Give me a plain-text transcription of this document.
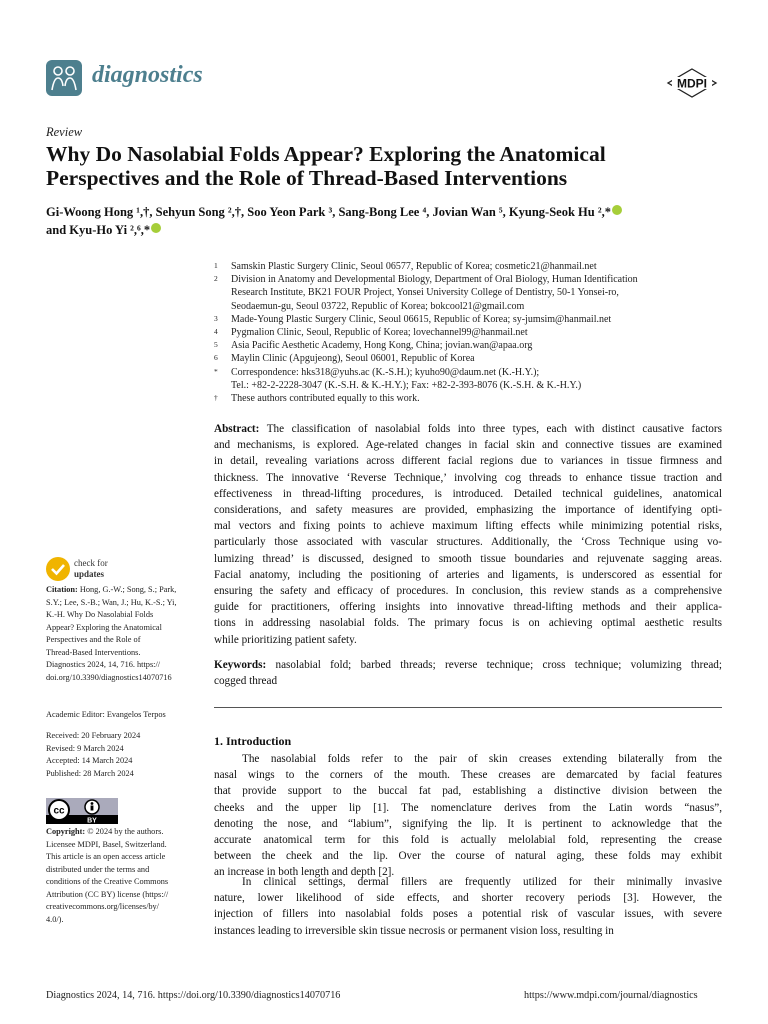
diagnostics	MDPI
Review
Why Do Nasolabial Folds Appear? Exploring the Anatomical
Perspectives and the Role of Thread-Based Interventions
Gi-Woong Hong ¹,†, Sehyun Song ²,†, Soo Yeon Park ³, Sang-Bong Lee ⁴, Jovian Wan ⁵, Kyung-Seok Hu ²,*
and Kyu-Ho Yi ²,⁶,*
1 Samskin Plastic Surgery Clinic, Seoul 06577, Republic of Korea; cosmetic21@hanmail.net
2 Division in Anatomy and Developmental Biology, Department of Oral Biology, Human Identification
Research Institute, BK21 FOUR Project, Yonsei University College of Dentistry, 50-1 Yonsei-ro,
Seodaemun-gu, Seoul 03722, Republic of Korea; bokcool21@gmail.com
3 Made-Young Plastic Surgery Clinic, Seoul 06615, Republic of Korea; sy-jumsim@hanmail.net
4 Pygmalion Clinic, Seoul, Republic of Korea; lovechannel99@hanmail.net
5 Asia Pacific Aesthetic Academy, Hong Kong, China; jovian.wan@apaa.org
6 Maylin Clinic (Apgujeong), Seoul 06001, Republic of Korea
* Correspondence: hks318@yuhs.ac (K.-S.H.); kyuho90@daum.net (K.-H.Y.);
Tel.: +82-2-2228-3047 (K.-S.H. & K.-H.Y.); Fax: +82-2-393-8076 (K.-S.H. & K.-H.Y.)
† These authors contributed equally to this work.
Abstract: The classification of nasolabial folds into three types, each with distinct causative factors
and mechanisms, is explored. Age-related changes in facial skin and connective tissues are examined
in detail, revealing variations across different facial regions due to variances in tissue firmness and
thickness. The innovative ‘Reverse Technique,’ involving cog threads to enhance tissue traction and
effectiveness in thread-lifting procedures, is introduced. Detailed technical guidelines, anatomical
considerations, and safety measures are provided, emphasizing the importance of identifying opti-
mal vectors and fixing points to achieve maximum lifting effects while minimizing potential risks,
particularly those associated with vascular structures. Additionally, the ‘Cross Technique using vo-
lumizing thread’ is discussed, designed to smooth tissue boundaries and rejuvenate sagging areas.
Facial anatomy, including the positioning of arteries and ligaments, is underscored as essential for
ensuring the safety and efficacy of procedures. In conclusion, this review stands as a comprehensive
guide for practitioners, offering insights into innovative thread-lifting methods and their applica-
tions in addressing nasolabial folds. The primary focus is on achieving optimal aesthetic results
while prioritizing patient safety.
Keywords: nasolabial fold; barbed threads; reverse technique; cross technique; volumizing thread;
cogged thread
1. Introduction
The nasolabial folds refer to the pair of skin creases extending bilaterally from the
nasal wings to the corners of the mouth. These creases are demarcated by facial features
that provide support to the buccal fat pad, establishing a distinctive division between the
cheeks and the upper lip [1]. The nomenclature derives from the Latin words “nasus”,
denoting the nose, and “labium”, signifying the lip. It is pertinent to acknowledge that the
accurate anatomical term for this fold is actually melolabial fold, representing the crease
between the cheek and the lip. Over the course of natural aging, these folds may exhibit
an increase in both length and depth [2].
In clinical settings, dermal fillers are frequently utilized for their minimally invasive
nature, lower likelihood of side effects, and shorter recovery periods [3]. However, the
injection of fillers into nasolabial folds poses a potential risk of vascular issues, with severe
instances leading to irreversible skin tissue necrosis or permanent vision loss, resulting in
check for
updates
Citation: Hong, G.-W.; Song, S.; Park,
S.Y.; Lee, S.-B.; Wan, J.; Hu, K.-S.; Yi,
K.-H. Why Do Nasolabial Folds
Appear? Exploring the Anatomical
Perspectives and the Role of
Thread-Based Interventions.
Diagnostics 2024, 14, 716. https://
doi.org/10.3390/diagnostics14070716
Academic Editor: Evangelos Terpos
Received: 20 February 2024
Revised: 9 March 2024
Accepted: 14 March 2024
Published: 28 March 2024
cc
BY
Copyright: © 2024 by the authors.
Licensee MDPI, Basel, Switzerland.
This article is an open access article
distributed under the terms and
conditions of the Creative Commons
Attribution (CC BY) license (https://
creativecommons.org/licenses/by/
4.0/).
Diagnostics 2024, 14, 716. https://doi.org/10.3390/diagnostics14070716	https://www.mdpi.com/journal/diagnostics
